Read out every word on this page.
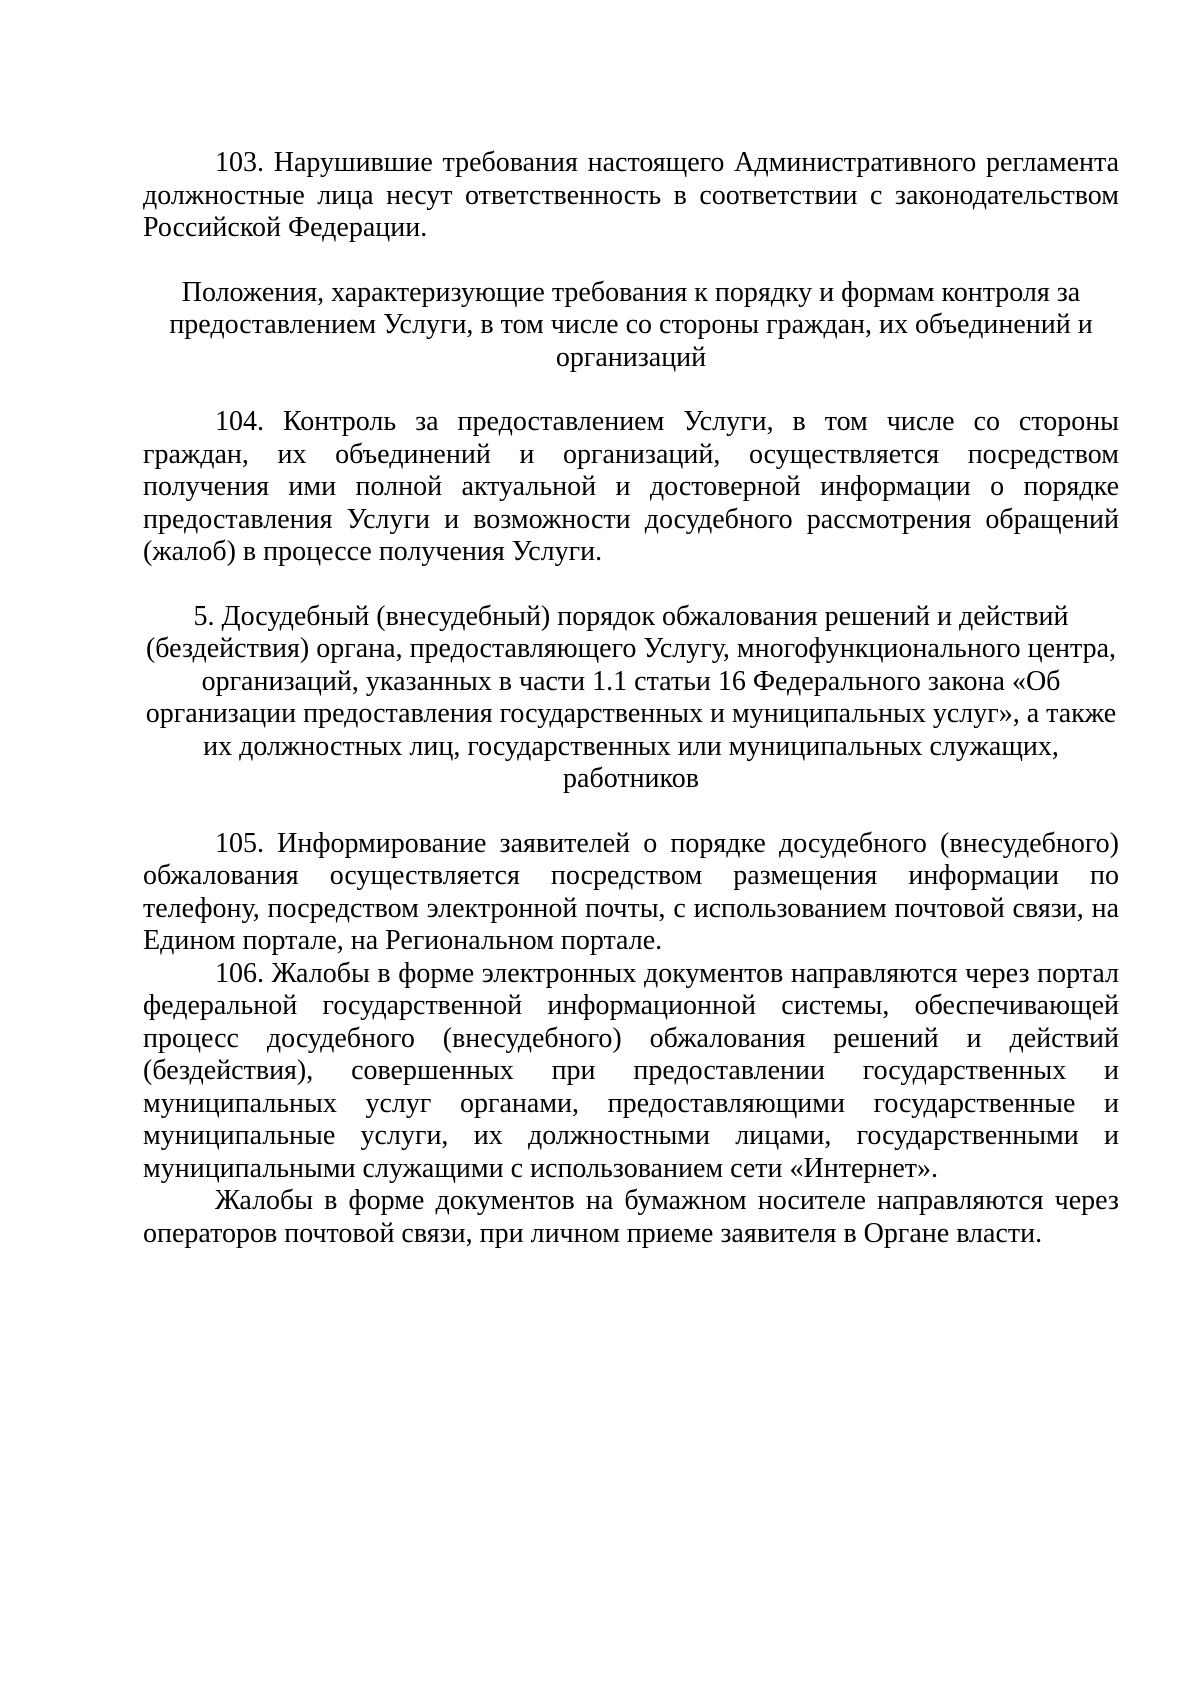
103. Нарушившие требования настоящего Административного регламента должностные лица несут ответственность в соответствии с законодательством Российской Федерации.

Положения, характеризующие требования к порядку и формам контроля за предоставлением Услуги, в том числе со стороны граждан, их объединений и организаций

104. Контроль за предоставлением Услуги, в том числе со стороны граждан, их объединений и организаций, осуществляется посредством получения ими полной актуальной и достоверной информации о порядке предоставления Услуги и возможности досудебного рассмотрения обращений (жалоб) в процессе получения Услуги.

5. Досудебный (внесудебный) порядок обжалования решений и действий (бездействия) органа, предоставляющего Услугу, многофункционального центра, организаций, указанных в части 1.1 статьи 16 Федерального закона «Об организации предоставления государственных и муниципальных услуг», а также их должностных лиц, государственных или муниципальных служащих, работников

105. Информирование заявителей о порядке досудебного (внесудебного) обжалования осуществляется посредством размещения информации по телефону, посредством электронной почты, с использованием почтовой связи, на Едином портале, на Региональном портале.

106. Жалобы в форме электронных документов направляются через портал федеральной государственной информационной системы, обеспечивающей процесс досудебного (внесудебного) обжалования решений и действий (бездействия), совершенных при предоставлении государственных и муниципальных услуг органами, предоставляющими государственные и муниципальные услуги, их должностными лицами, государственными и муниципальными служащими с использованием сети «Интернет».

Жалобы в форме документов на бумажном носителе направляются через операторов почтовой связи, при личном приеме заявителя в Органе власти.
